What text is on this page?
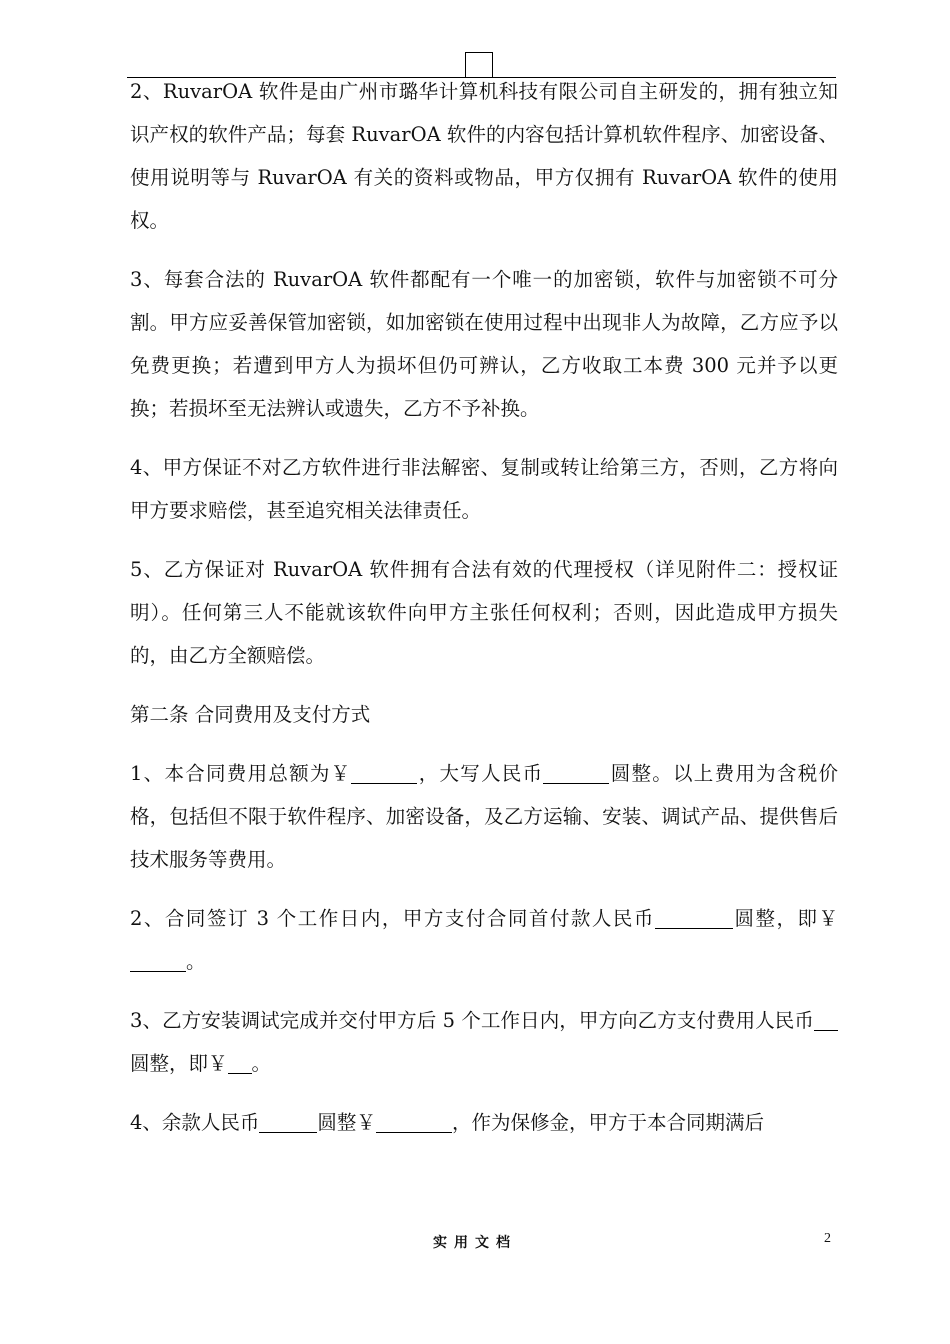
2、RuvarOA 软件是由广州市璐华计算机科技有限公司自主研发的，拥有独立知识产权的软件产品；每套 RuvarOA 软件的内容包括计算机软件程序、加密设备、使用说明等与 RuvarOA 有关的资料或物品，甲方仅拥有 RuvarOA 软件的使用权。

3、每套合法的 RuvarOA 软件都配有一个唯一的加密锁，软件与加密锁不可分割。甲方应妥善保管加密锁，如加密锁在使用过程中出现非人为故障，乙方应予以免费更换；若遭到甲方人为损坏但仍可辨认，乙方收取工本费 300 元并予以更换；若损坏至无法辨认或遗失，乙方不予补换。

4、甲方保证不对乙方软件进行非法解密、复制或转让给第三方，否则，乙方将向甲方要求赔偿，甚至追究相关法律责任。

5、乙方保证对 RuvarOA 软件拥有合法有效的代理授权（详见附件二：授权证明）。任何第三人不能就该软件向甲方主张任何权利；否则，因此造成甲方损失的，由乙方全额赔偿。

第二条 合同费用及支付方式

1、本合同费用总额为￥	，大写人民币	圆整。以上费用为含税价格，包括但不限于软件程序、加密设备，及乙方运输、安装、调试产品、提供售后技术服务等费用。

2、合同签订 3 个工作日内，甲方支付合同首付款人民币	圆整，即￥。

3、乙方安装调试完成并交付甲方后 5 个工作日内，甲方向乙方支付费用人民币圆整，即￥ 。

4、余款人民币	圆整￥	，作为保修金，甲方于本合同期满后

实用文档	2
